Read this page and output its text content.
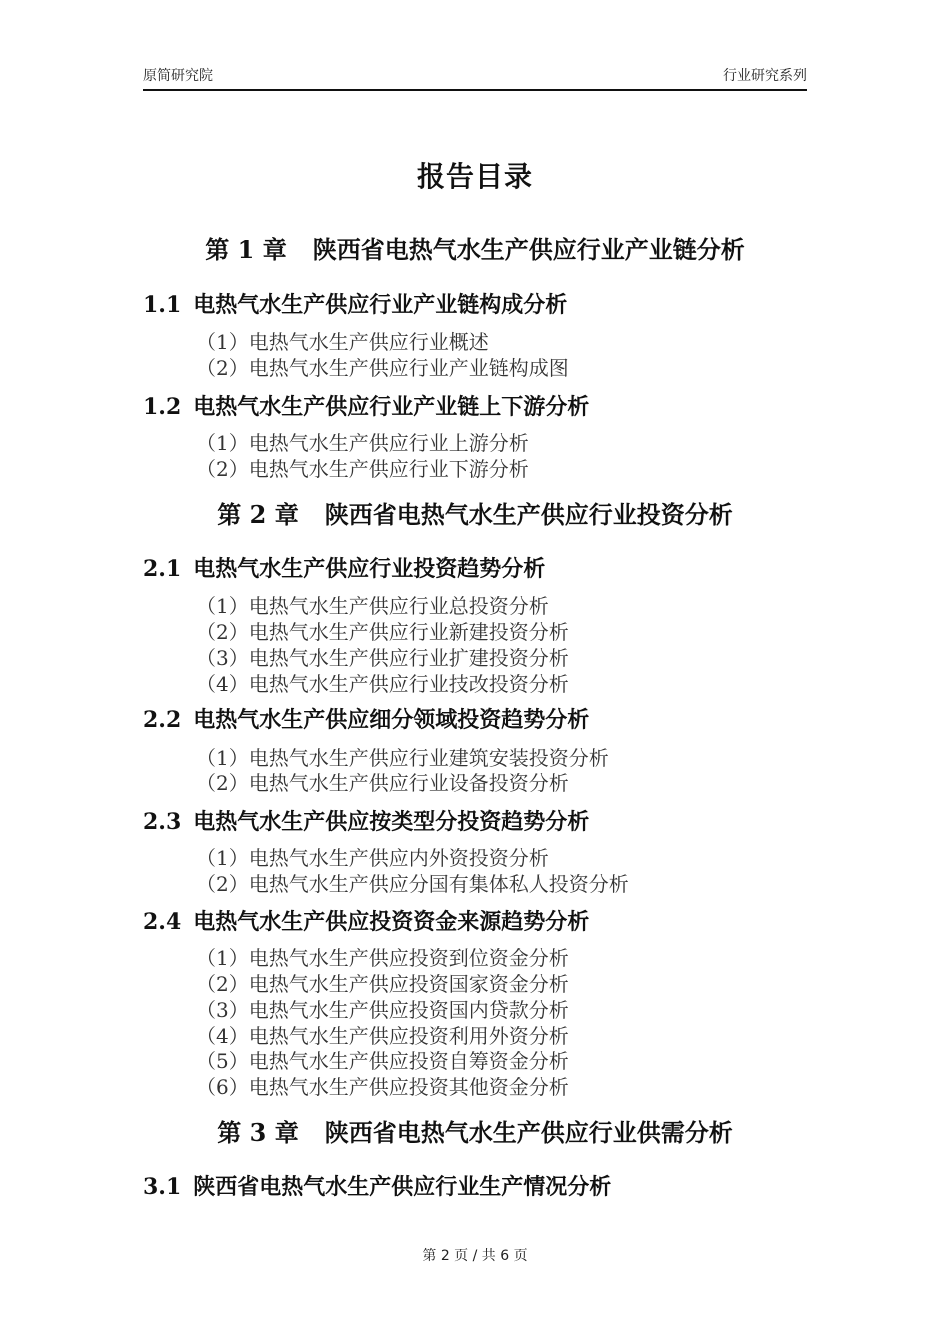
原简研究院	行业研究系列
报告目录
第 1 章 陕西省电热气水生产供应行业产业链分析
1.1 电热气水生产供应行业产业链构成分析
（1）电热气水生产供应行业概述
（2）电热气水生产供应行业产业链构成图
1.2 电热气水生产供应行业产业链上下游分析
（1）电热气水生产供应行业上游分析
（2）电热气水生产供应行业下游分析
第 2 章 陕西省电热气水生产供应行业投资分析
2.1 电热气水生产供应行业投资趋势分析
（1）电热气水生产供应行业总投资分析
（2）电热气水生产供应行业新建投资分析
（3）电热气水生产供应行业扩建投资分析
（4）电热气水生产供应行业技改投资分析
2.2 电热气水生产供应细分领域投资趋势分析
（1）电热气水生产供应行业建筑安装投资分析
（2）电热气水生产供应行业设备投资分析
2.3 电热气水生产供应按类型分投资趋势分析
（1）电热气水生产供应内外资投资分析
（2）电热气水生产供应分国有集体私人投资分析
2.4 电热气水生产供应投资资金来源趋势分析
（1）电热气水生产供应投资到位资金分析
（2）电热气水生产供应投资国家资金分析
（3）电热气水生产供应投资国内贷款分析
（4）电热气水生产供应投资利用外资分析
（5）电热气水生产供应投资自筹资金分析
（6）电热气水生产供应投资其他资金分析
第 3 章 陕西省电热气水生产供应行业供需分析
3.1 陕西省电热气水生产供应行业生产情况分析
第 2 页 / 共 6 页
